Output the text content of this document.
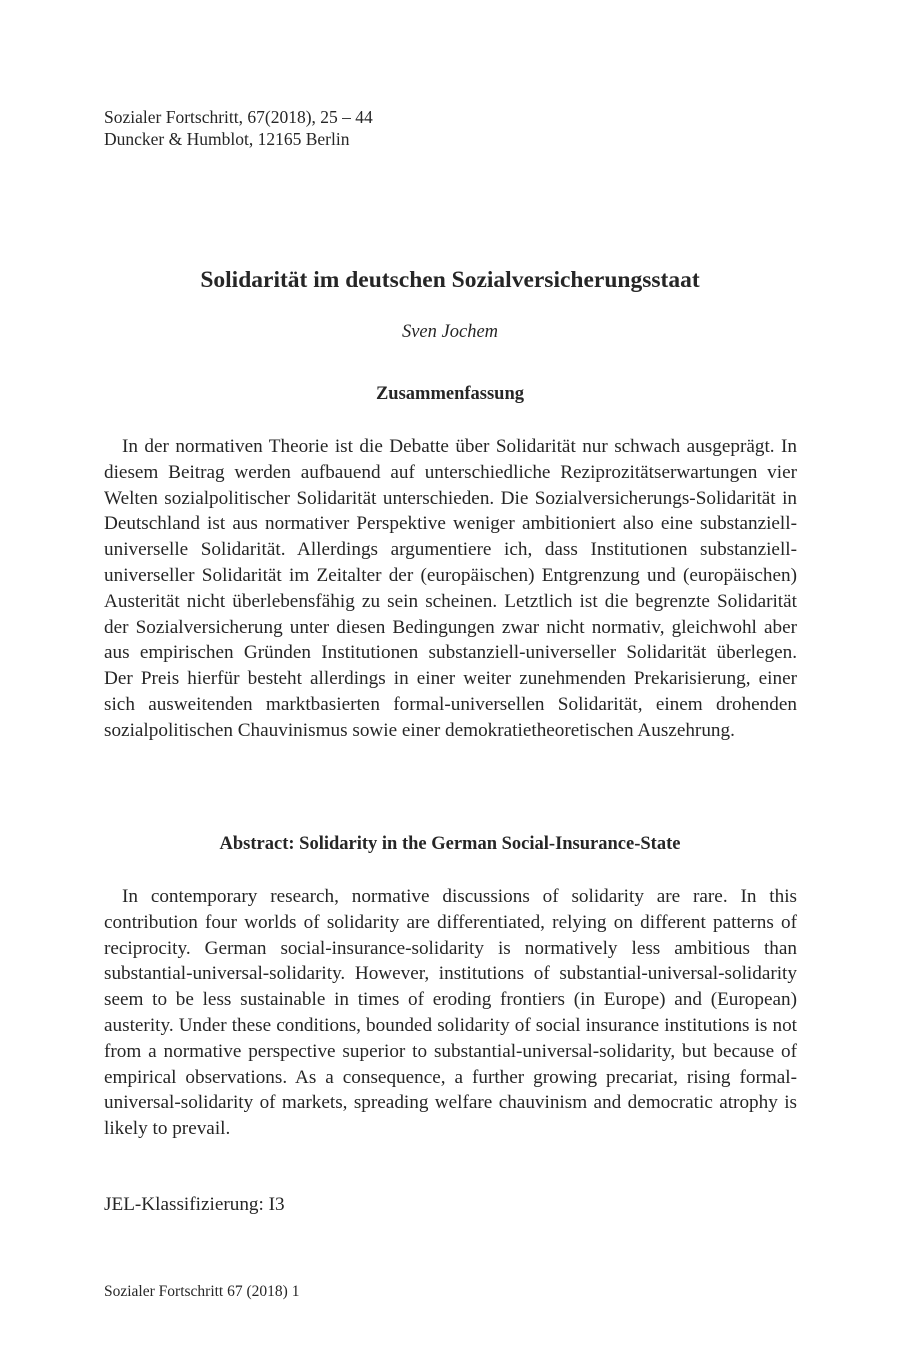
Sozialer Fortschritt, 67(2018), 25 – 44
Duncker & Humblot, 12165 Berlin
Solidarität im deutschen Sozialversicherungsstaat
Sven Jochem
Zusammenfassung
In der normativen Theorie ist die Debatte über Solidarität nur schwach ausgeprägt. In diesem Beitrag werden aufbauend auf unterschiedliche Reziprozitätserwartungen vier Welten sozialpolitischer Solidarität unterschieden. Die Sozialversicherungs-Solidarität in Deutschland ist aus normativer Perspektive weniger ambitioniert also eine substanziell-universelle Solidarität. Allerdings argumentiere ich, dass Institutionen substanziell-universeller Solidarität im Zeitalter der (europäischen) Entgrenzung und (europäischen) Austerität nicht überlebensfähig zu sein scheinen. Letztlich ist die begrenzte Solidarität der Sozialversicherung unter diesen Bedingungen zwar nicht normativ, gleichwohl aber aus empirischen Gründen Institutionen substanziell-universeller Solidarität überlegen. Der Preis hierfür besteht allerdings in einer weiter zunehmenden Prekarisierung, einer sich ausweitenden marktbasierten formal-universellen Solidarität, einem drohenden sozialpolitischen Chauvinismus sowie einer demokratietheoretischen Auszehrung.
Abstract: Solidarity in the German Social-Insurance-State
In contemporary research, normative discussions of solidarity are rare. In this contribution four worlds of solidarity are differentiated, relying on different patterns of reciprocity. German social-insurance-solidarity is normatively less ambitious than substantial-universal-solidarity. However, institutions of substantial-universal-solidarity seem to be less sustainable in times of eroding frontiers (in Europe) and (European) austerity. Under these conditions, bounded solidarity of social insurance institutions is not from a normative perspective superior to substantial-universal-solidarity, but because of empirical observations. As a consequence, a further growing precariat, rising formal-universal-solidarity of markets, spreading welfare chauvinism and democratic atrophy is likely to prevail.
JEL-Klassifizierung: I3
Sozialer Fortschritt 67 (2018) 1
